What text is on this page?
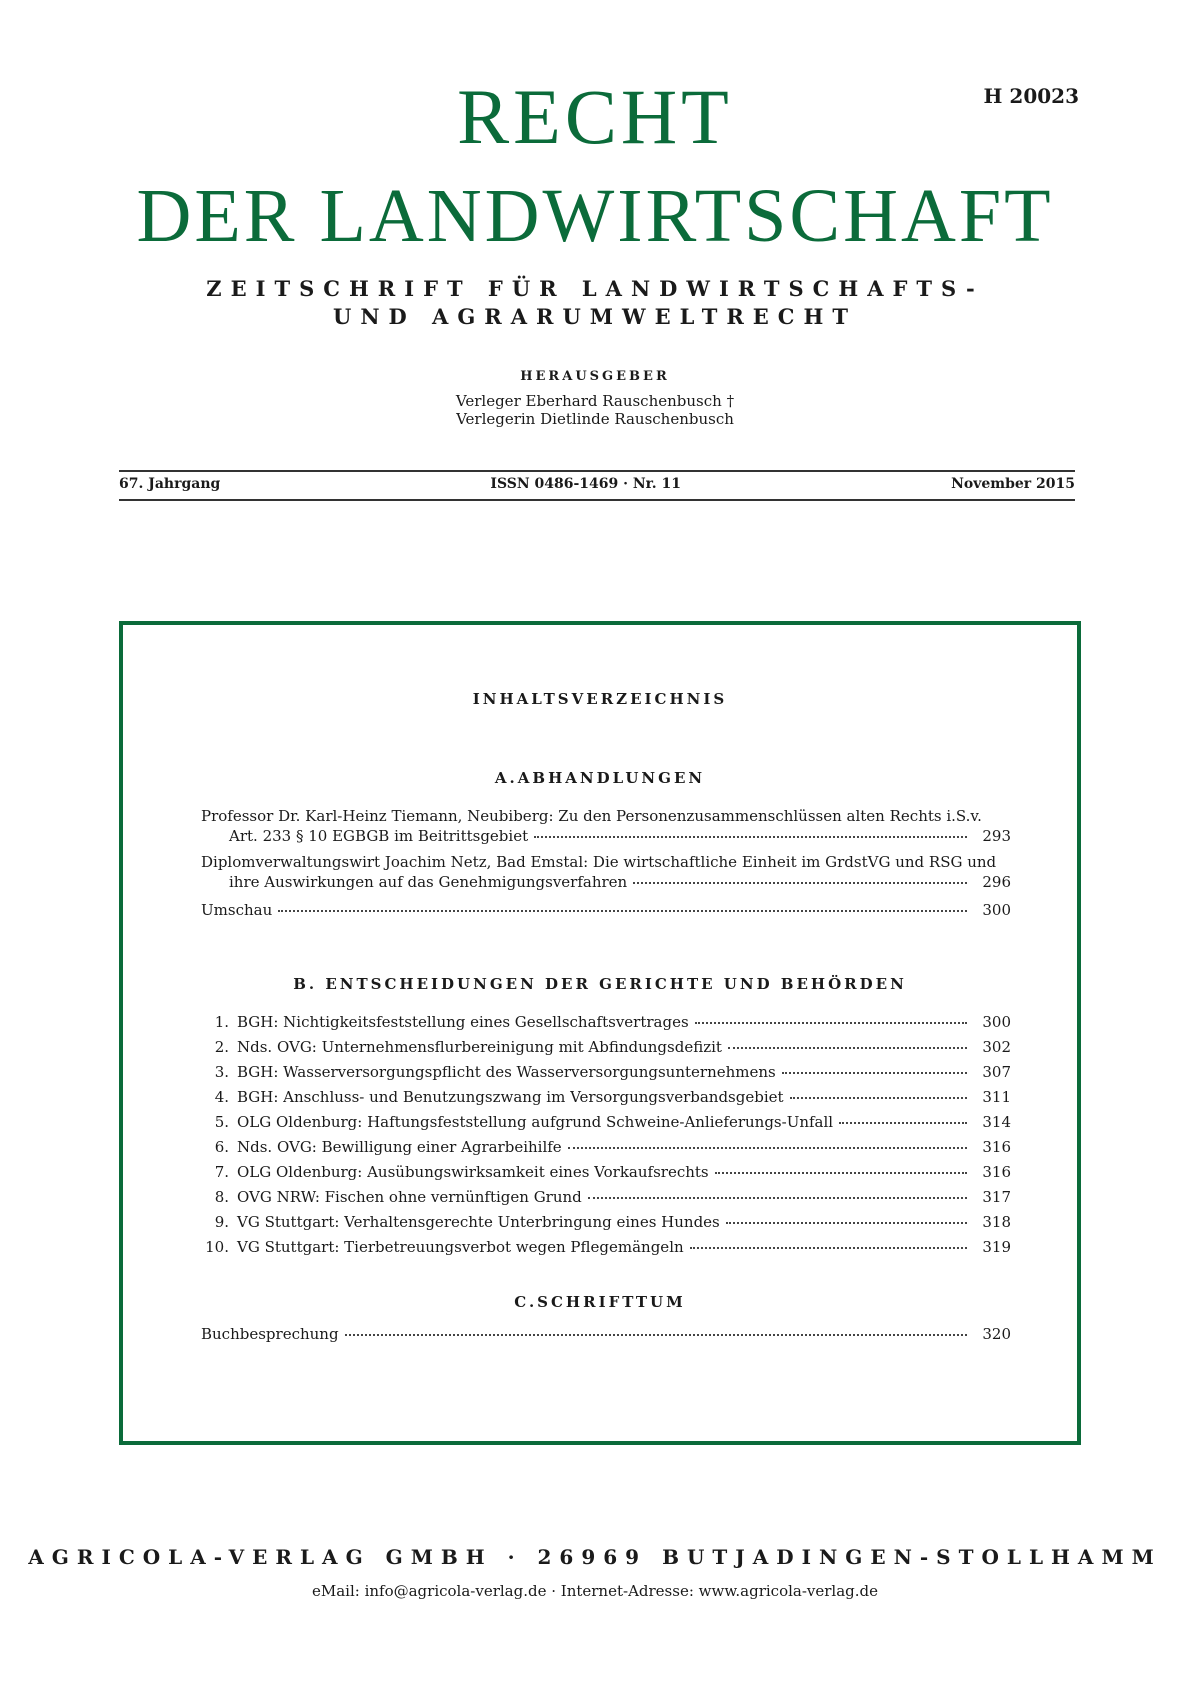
H 20023
RECHT
DER LANDWIRTSCHAFT
ZEITSCHRIFT FÜR LANDWIRTSCHAFTS-
UND AGRARUMWELTRECHT
HERAUSGEBER
Verleger Eberhard Rauschenbusch †
Verlegerin Dietlinde Rauschenbusch
67. Jahrgang	ISSN 0486-1469 · Nr. 11	November 2015
INHALTSVERZEICHNIS
A.ABHANDLUNGEN
Professor Dr. Karl-Heinz Tiemann, Neubiberg: Zu den Personenzusammenschlüssen alten Rechts i.S.v.
Art. 233 § 10 EGBGB im Beitrittsgebiet	293
Diplomverwaltungswirt Joachim Netz, Bad Emstal: Die wirtschaftliche Einheit im GrdstVG und RSG und
ihre Auswirkungen auf das Genehmigungsverfahren	296
Umschau	300
B. ENTSCHEIDUNGEN DER GERICHTE UND BEHÖRDEN
1. BGH: Nichtigkeitsfeststellung eines Gesellschaftsvertrages	300
2. Nds. OVG: Unternehmensflurbereinigung mit Abfindungsdefizit	302
3. BGH: Wasserversorgungspflicht des Wasserversorgungsunternehmens	307
4. BGH: Anschluss- und Benutzungszwang im Versorgungsverbandsgebiet	311
5. OLG Oldenburg: Haftungsfeststellung aufgrund Schweine-Anlieferungs-Unfall	314
6. Nds. OVG: Bewilligung einer Agrarbeihilfe	316
7. OLG Oldenburg: Ausübungswirksamkeit eines Vorkaufsrechts	316
8. OVG NRW: Fischen ohne vernünftigen Grund	317
9. VG Stuttgart: Verhaltensgerechte Unterbringung eines Hundes	318
10. VG Stuttgart: Tierbetreuungsverbot wegen Pflegemängeln	319
C.SCHRIFTTUM
Buchbesprechung	320
AGRICOLA-VERLAG GMBH · 26969 BUTJADINGEN-STOLLHAMM
eMail: info@agricola-verlag.de · Internet-Adresse: www.agricola-verlag.de
